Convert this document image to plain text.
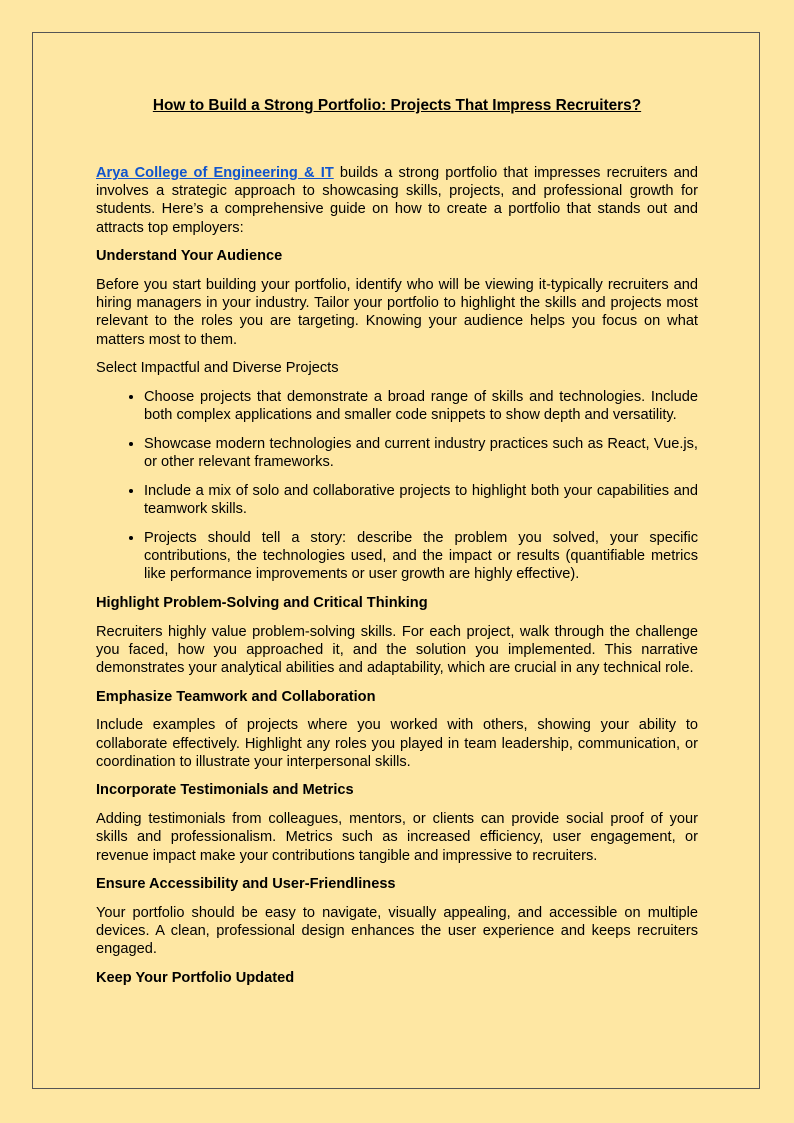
How to Build a Strong Portfolio: Projects That Impress Recruiters?

Arya College of Engineering & IT builds a strong portfolio that impresses recruiters and involves a strategic approach to showcasing skills, projects, and professional growth for students. Here’s a comprehensive guide on how to create a portfolio that stands out and attracts top employers:

Understand Your Audience

Before you start building your portfolio, identify who will be viewing it-typically recruiters and hiring managers in your industry. Tailor your portfolio to highlight the skills and projects most relevant to the roles you are targeting. Knowing your audience helps you focus on what matters most to them.

Select Impactful and Diverse Projects

• Choose projects that demonstrate a broad range of skills and technologies. Include both complex applications and smaller code snippets to show depth and versatility.
• Showcase modern technologies and current industry practices such as React, Vue.js, or other relevant frameworks.
• Include a mix of solo and collaborative projects to highlight both your capabilities and teamwork skills.
• Projects should tell a story: describe the problem you solved, your specific contributions, the technologies used, and the impact or results (quantifiable metrics like performance improvements or user growth are highly effective).

Highlight Problem-Solving and Critical Thinking

Recruiters highly value problem-solving skills. For each project, walk through the challenge you faced, how you approached it, and the solution you implemented. This narrative demonstrates your analytical abilities and adaptability, which are crucial in any technical role.

Emphasize Teamwork and Collaboration

Include examples of projects where you worked with others, showing your ability to collaborate effectively. Highlight any roles you played in team leadership, communication, or coordination to illustrate your interpersonal skills.

Incorporate Testimonials and Metrics

Adding testimonials from colleagues, mentors, or clients can provide social proof of your skills and professionalism. Metrics such as increased efficiency, user engagement, or revenue impact make your contributions tangible and impressive to recruiters.

Ensure Accessibility and User-Friendliness

Your portfolio should be easy to navigate, visually appealing, and accessible on multiple devices. A clean, professional design enhances the user experience and keeps recruiters engaged.

Keep Your Portfolio Updated
